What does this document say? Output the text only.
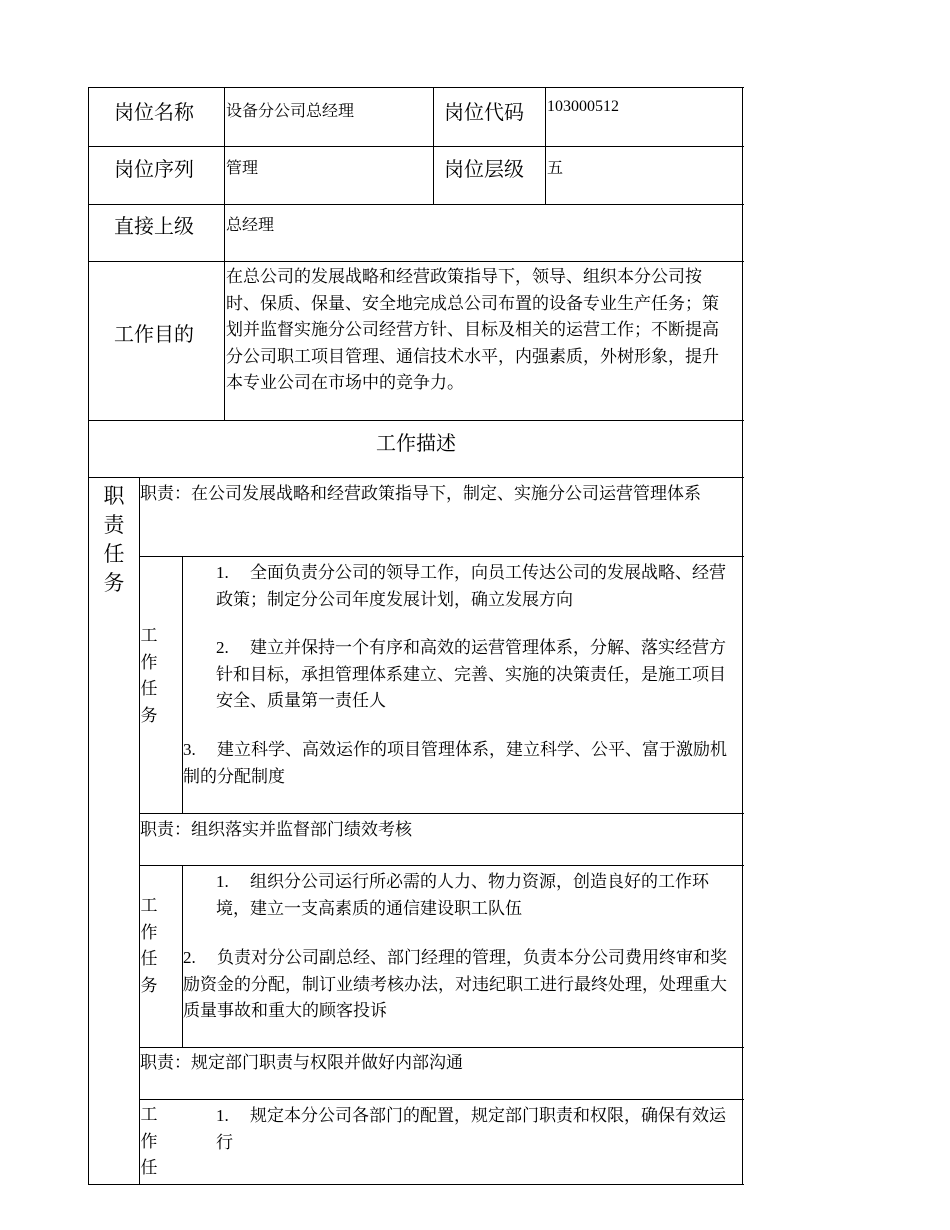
岗位名称 设备分公司总经理	岗位代码 103000512
岗位序列 管理	岗位层级 五
直接上级 总经理
工作目的
在总公司的发展战略和经营政策指导下，领导、组织本分公司按时、保质、保量、安全地完成总公司布置的设备专业生产任务；策划并监督实施分公司经营方针、目标及相关的运营工作；不断提高分公司职工项目管理、通信技术水平，内强素质，外树形象，提升本专业公司在市场中的竞争力。
工作描述
职
责
任
务
职责：在公司发展战略和经营政策指导下，制定、实施分公司运营管理体系
工
作
任
务
1.　 全面负责分公司的领导工作，向员工传达公司的发展战略、经营政策；制定分公司年度发展计划，确立发展方向
2.　 建立并保持一个有序和高效的运营管理体系，分解、落实经营方针和目标，承担管理体系建立、完善、实施的决策责任，是施工项目安全、质量第一责任人
3.　 建立科学、高效运作的项目管理体系，建立科学、公平、富于激励机制的分配制度
职责：组织落实并监督部门绩效考核
工
作
任
务
1.　 组织分公司运行所必需的人力、物力资源，创造良好的工作环境，建立一支高素质的通信建设职工队伍
2.　 负责对分公司副总经、部门经理的管理，负责本分公司费用终审和奖励资金的分配，制订业绩考核办法，对违纪职工进行最终处理，处理重大质量事故和重大的顾客投诉
职责：规定部门职责与权限并做好内部沟通
工
作
任
1.　 规定本分公司各部门的配置，规定部门职责和权限，确保有效运行
